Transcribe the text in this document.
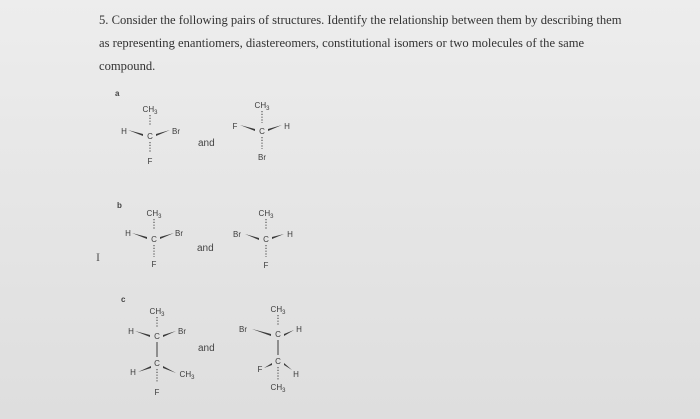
5. Consider the following pairs of structures. Identify the relationship between them by describing them
as representing enantiomers, diastereomers, constitutional isomers or two molecules of the same
compound.
I
a
and
$CH_3$
H
C
Br
F
$CH_3$
F
C
H
Br
b
and
$CH_3$
H
C
Br
F
$CH_3$
Br
C
H
F
c
and
$CH_3$
H
C
Br
C
H	$CH_3$
F
$CH_3$
Br
C
H
C
F
H
$CH_3$
